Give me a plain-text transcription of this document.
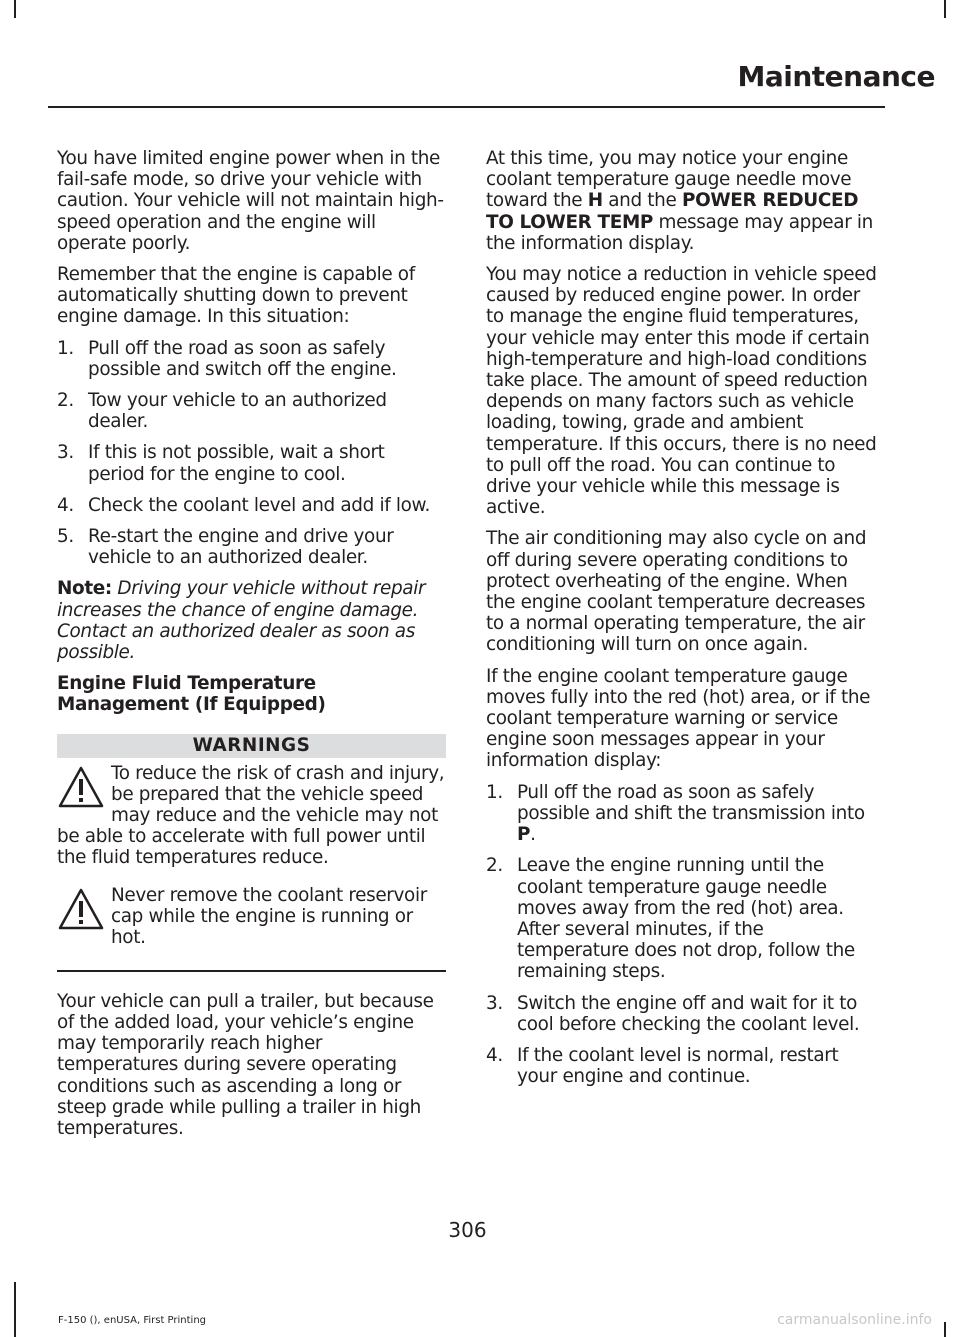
Maintenance

You have limited engine power when in the fail-safe mode, so drive your vehicle with caution. Your vehicle will not maintain high-speed operation and the engine will operate poorly.

Remember that the engine is capable of automatically shutting down to prevent engine damage. In this situation:

1. Pull off the road as soon as safely possible and switch off the engine.
2. Tow your vehicle to an authorized dealer.
3. If this is not possible, wait a short period for the engine to cool.
4. Check the coolant level and add if low.
5. Re-start the engine and drive your vehicle to an authorized dealer.

Note: Driving your vehicle without repair increases the chance of engine damage. Contact an authorized dealer as soon as possible.

Engine Fluid Temperature Management (If Equipped)
WARNINGS
To reduce the risk of crash and injury, be prepared that the vehicle speed may reduce and the vehicle may not be able to accelerate with full power until the fluid temperatures reduce.
Never remove the coolant reservoir cap while the engine is running or hot.

Your vehicle can pull a trailer, but because of the added load, your vehicle’s engine may temporarily reach higher temperatures during severe operating conditions such as ascending a long or steep grade while pulling a trailer in high temperatures.

At this time, you may notice your engine coolant temperature gauge needle move toward the H and the POWER REDUCED TO LOWER TEMP message may appear in the information display.

You may notice a reduction in vehicle speed caused by reduced engine power. In order to manage the engine fluid temperatures, your vehicle may enter this mode if certain high-temperature and high-load conditions take place. The amount of speed reduction depends on many factors such as vehicle loading, towing, grade and ambient temperature. If this occurs, there is no need to pull off the road. You can continue to drive your vehicle while this message is active.

The air conditioning may also cycle on and off during severe operating conditions to protect overheating of the engine. When the engine coolant temperature decreases to a normal operating temperature, the air conditioning will turn on once again.

If the engine coolant temperature gauge moves fully into the red (hot) area, or if the coolant temperature warning or service engine soon messages appear in your information display:

1. Pull off the road as soon as safely possible and shift the transmission into P.
2. Leave the engine running until the coolant temperature gauge needle moves away from the red (hot) area. After several minutes, if the temperature does not drop, follow the remaining steps.
3. Switch the engine off and wait for it to cool before checking the coolant level.
4. If the coolant level is normal, restart your engine and continue.
306
F-150 (), enUSA, First Printing	carmanualsonline.info
